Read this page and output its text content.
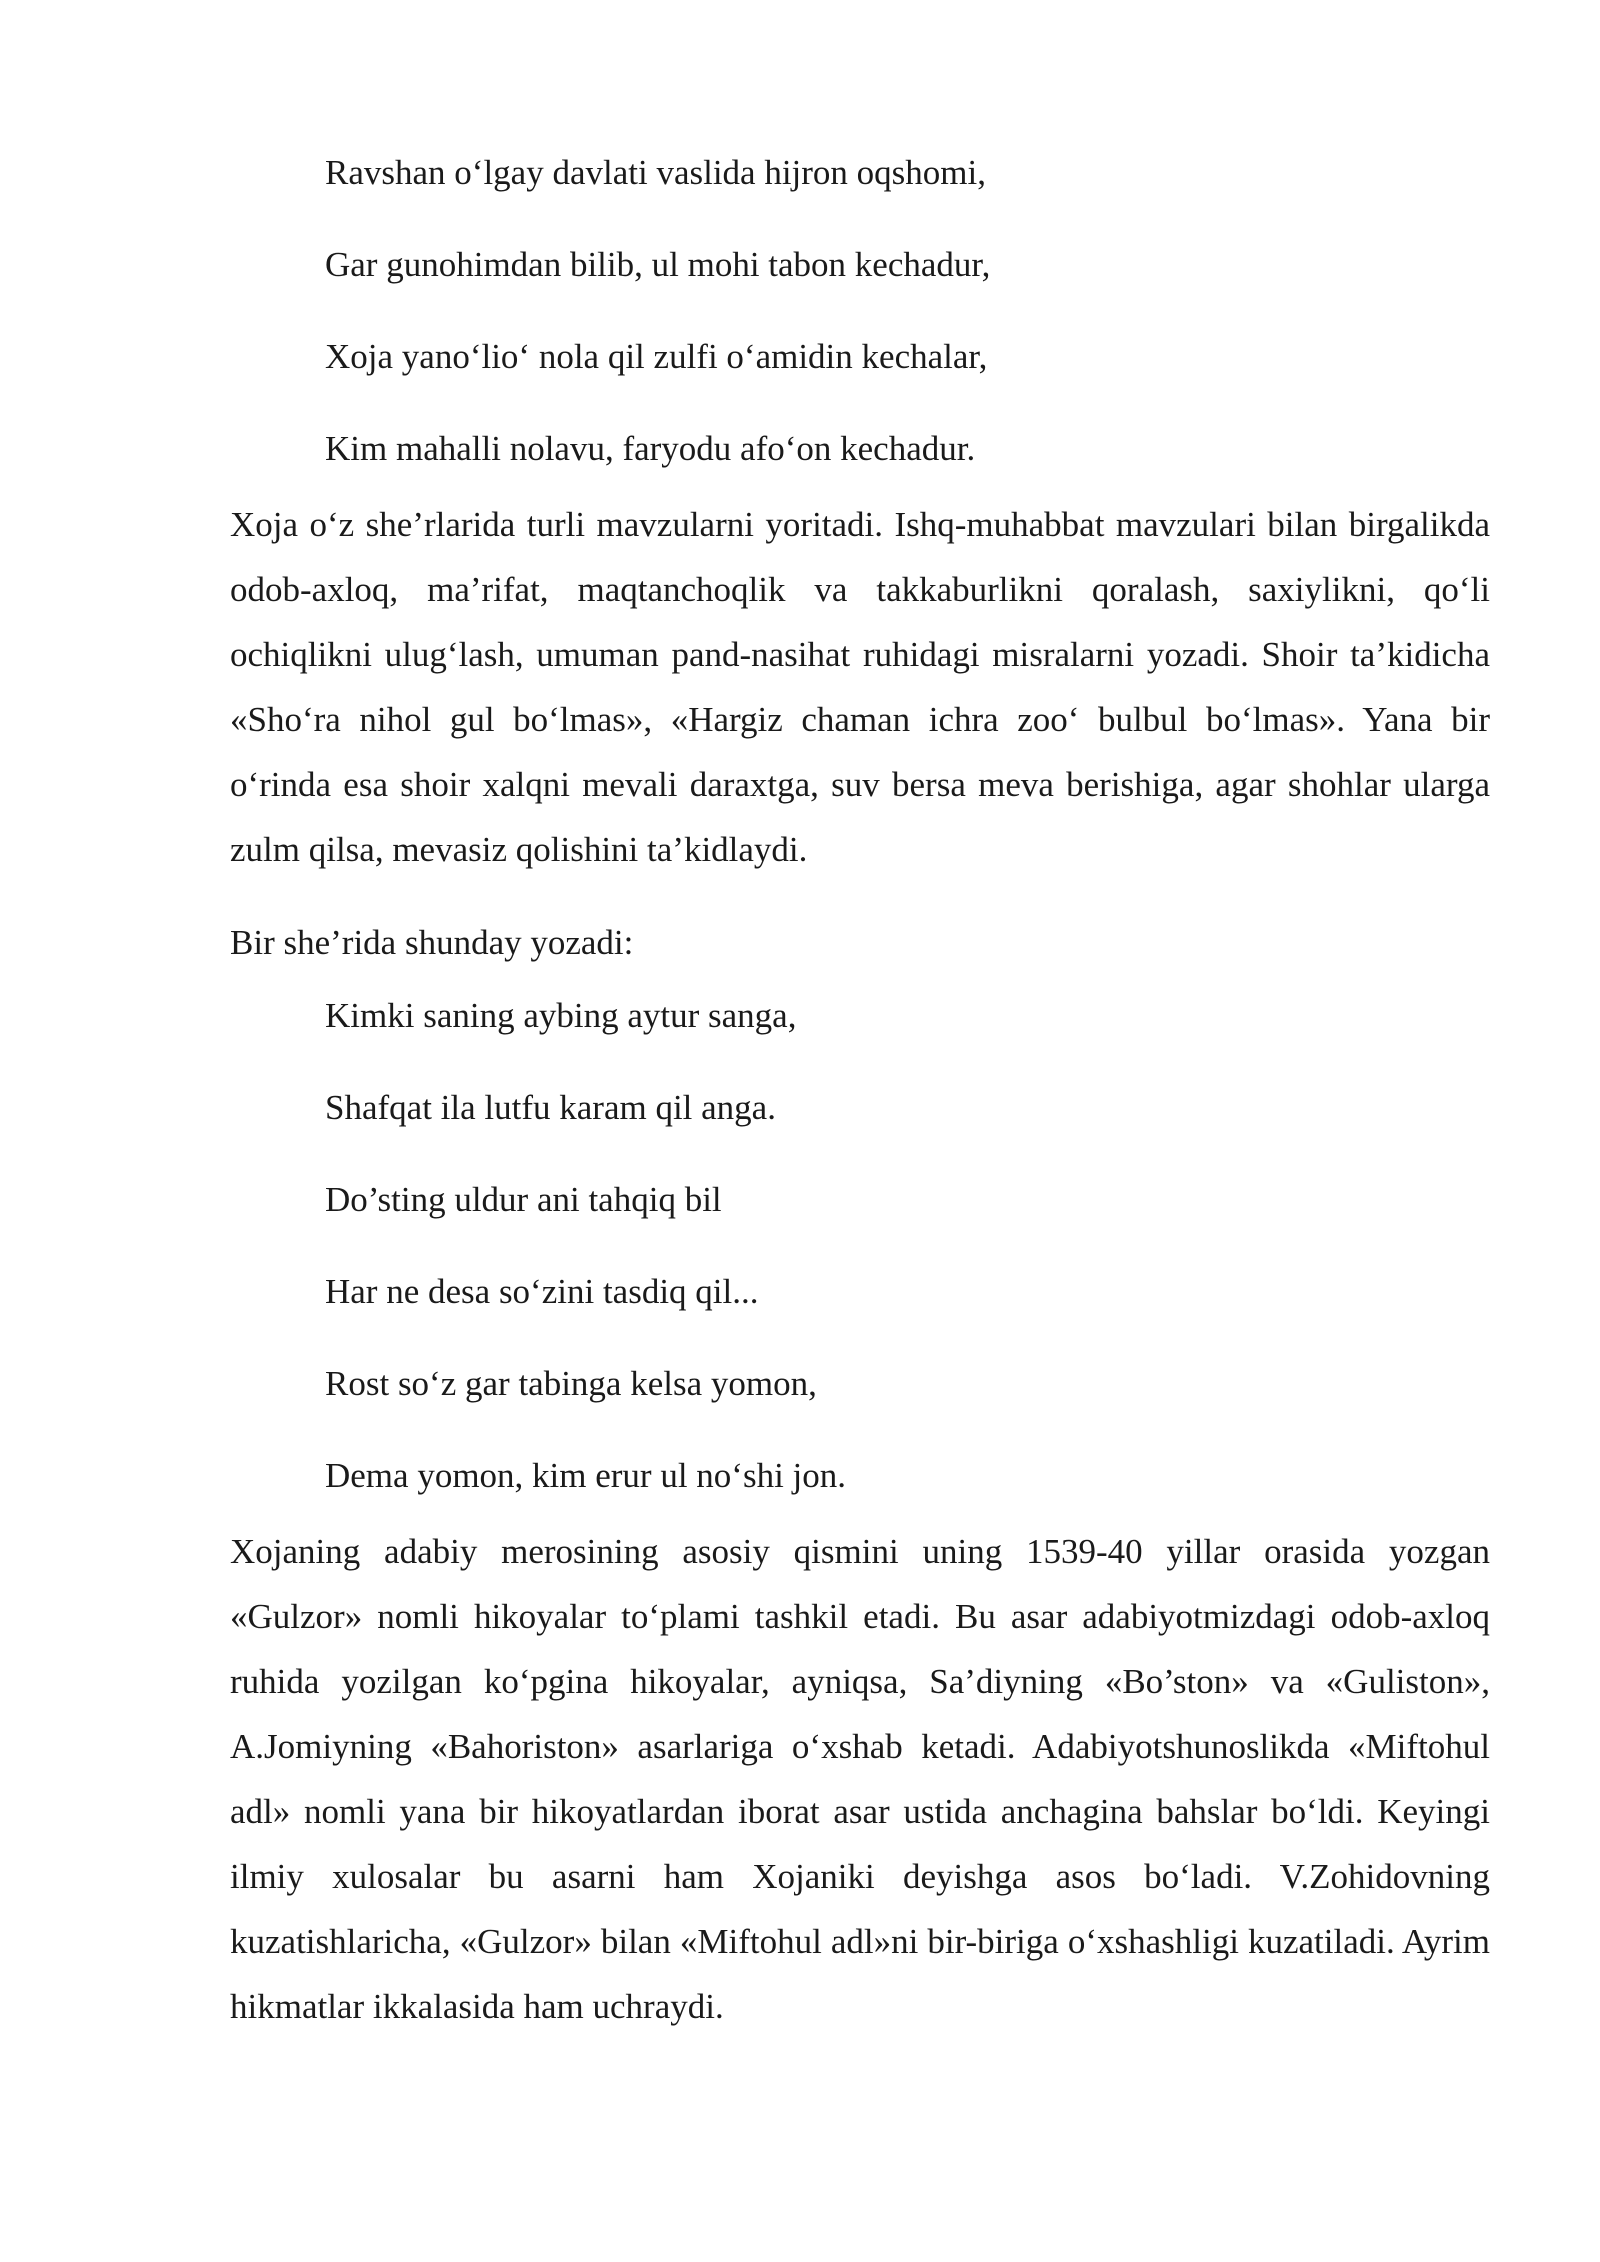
Ravshan o‘lgay davlati vaslida hijron oqshomi,

Gar gunohimdan bilib, ul mohi tabon kechadur,

Xoja yano‘lio‘ nola qil zulfi o‘amidin kechalar,

Kim mahalli nolavu, faryodu afo‘on kechadur.

Xoja o‘z she’rlarida turli mavzularni yoritadi. Ishq-muhabbat mavzulari bilan birgalikda odob-axloq, ma’rifat, maqtanchoqlik va takkaburlikni qoralash, saxiylikni, qo‘li ochiqlikni ulug‘lash, umuman pand-nasihat ruhidagi misralarni yozadi. Shoir ta’kidicha «Sho‘ra nihol gul bo‘lmas», «Hargiz chaman ichra zoo‘ bulbul bo‘lmas». Yana bir o‘rinda esa shoir xalqni mevali daraxtga, suv bersa meva berishiga, agar shohlar ularga zulm qilsa, mevasiz qolishini ta’kidlaydi.

Bir she’rida shunday yozadi:

Kimki saning aybing aytur sanga,

Shafqat ila lutfu karam qil anga.

Do’sting uldur ani tahqiq bil

Har ne desa so‘zini tasdiq qil...

Rost so‘z gar tabinga kelsa yomon,

Dema yomon, kim erur ul no‘shi jon.

Xojaning adabiy merosining asosiy qismini uning 1539-40 yillar orasida yozgan «Gulzor» nomli hikoyalar to‘plami tashkil etadi. Bu asar adabiyotmizdagi odob-axloq ruhida yozilgan ko‘pgina hikoyalar, ayniqsa, Sa’diyning «Bo’ston» va «Guliston», A.Jomiyning «Bahoriston» asarlariga o‘xshab ketadi. Adabiyotshunoslikda «Miftohul adl» nomli yana bir hikoyatlardan iborat asar ustida anchagina bahslar bo‘ldi. Keyingi ilmiy xulosalar bu asarni ham Xojaniki deyishga asos bo‘ladi. V.Zohidovning kuzatishlaricha, «Gulzor» bilan «Miftohul adl»ni bir-biriga o‘xshashligi kuzatiladi. Ayrim hikmatlar ikkalasida ham uchraydi.
